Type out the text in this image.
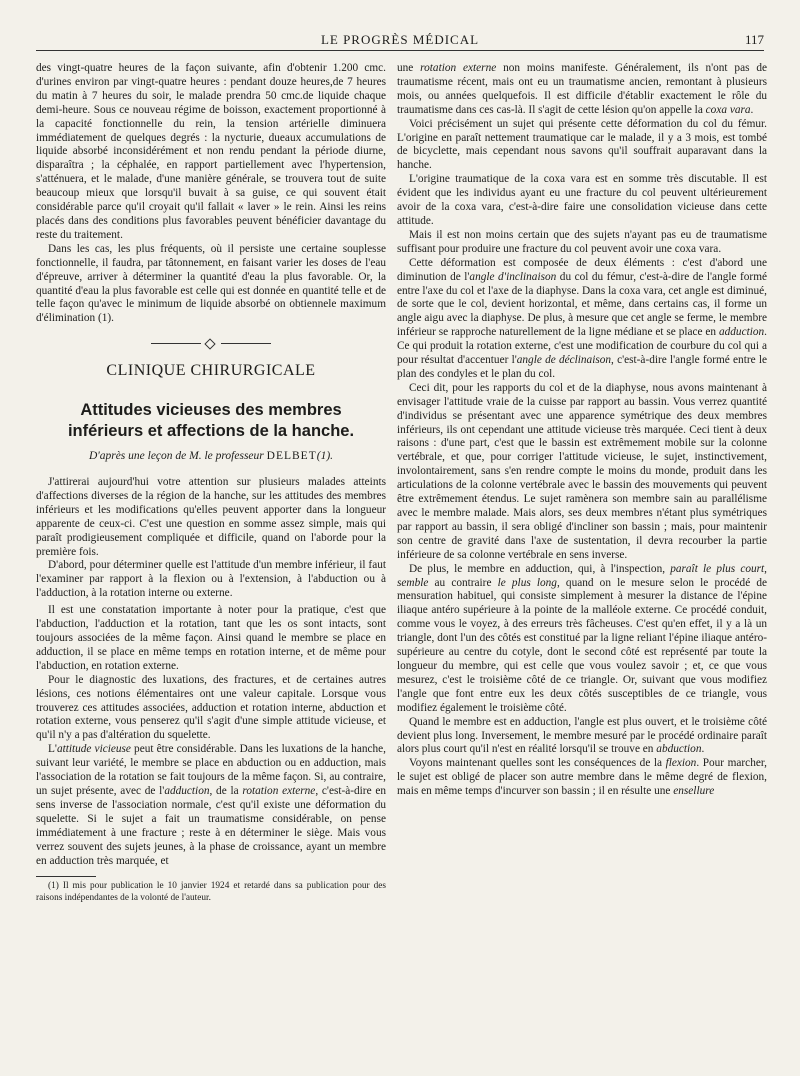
LE PROGRÈS MÉDICAL	117

des vingt-quatre heures de la façon suivante, afin d'obtenir 1.200 cmc. d'urines environ par vingt-quatre heures : pendant douze heures,de 7 heures du matin à 7 heures du soir, le malade prendra 50 cmc.de liquide chaque demi-heure. Sous ce nouveau régime de boisson, exactement proportionné à la capacité fonctionnelle du rein, la tension artérielle diminuera immédiatement de quelques degrés : la nycturie, dueaux accumulations de liquide absorbé inconsidérément et non rendu pendant la période diurne, disparaîtra ; la céphalée, en rapport partiellement avec l'hypertension, s'atténuera, et le malade, d'une manière générale, se trouvera tout de suite beaucoup mieux que lorsqu'il buvait à sa guise, ce qui souvent était considérable parce qu'il croyait qu'il fallait « laver » le rein. Ainsi les reins placés dans des conditions plus favorables peuvent bénéficier davantage du reste du traitement.

Dans les cas, les plus fréquents, où il persiste une certaine souplesse fonctionnelle, il faudra, par tâtonnement, en faisant varier les doses de l'eau d'épreuve, arriver à déterminer la quantité d'eau la plus favorable. Or, la quantité d'eau la plus favorable est celle qui est donnée en quantité telle et de telle façon qu'avec le minimum de liquide absorbé on obtiennele maximum d'élimination (1).

CLINIQUE CHIRURGICALE
Attitudes vicieuses des membres
inférieurs et affections de la hanche.
D'après une leçon de M. le professeur DELBET(1).

J'attirerai aujourd'hui votre attention sur plusieurs malades atteints d'affections diverses de la région de la hanche, sur les attitudes des membres inférieurs et les modifications qu'elles peuvent apporter dans la longueur apparente de ceux-ci. C'est une question en somme assez simple, mais qui paraît prodigieusement compliquée et difficile, quand on l'aborde pour la première fois.

D'abord, pour déterminer quelle est l'attitude d'un membre inférieur, il faut l'examiner par rapport à la flexion ou à l'extension, à l'abduction ou à l'adduction, à la rotation interne ou externe.

Il est une constatation importante à noter pour la pratique, c'est que l'abduction, l'adduction et la rotation, tant que les os sont intacts, sont toujours associées de la même façon. Ainsi quand le membre se place en adduction, il se place en même temps en rotation interne, et de même pour l'abduction, en rotation externe.

Pour le diagnostic des luxations, des fractures, et de certaines autres lésions, ces notions élémentaires ont une valeur capitale. Lorsque vous trouverez ces attitudes associées, adduction et rotation interne, abduction et rotation externe, vous penserez qu'il s'agit d'une simple attitude vicieuse, et qu'il n'y a pas d'altération du squelette.

L'attitude vicieuse peut être considérable. Dans les luxations de la hanche, suivant leur variété, le membre se place en abduction ou en adduction, mais l'association de la rotation se fait toujours de la même façon. Si, au contraire, un sujet présente, avec de l'adduction, de la rotation externe, c'est-à-dire en sens inverse de l'association normale, c'est qu'il existe une déformation du squelette. Si le sujet a fait un traumatisme considérable, on pense immédiatement à une fracture ; reste à en déterminer le siège. Mais vous verrez souvent des sujets jeunes, à la phase de croissance, ayant un membre en adduction très marquée, et

(1) Il mis pour publication le 10 janvier 1924 et retardé dans sa publication pour des raisons indépendantes de la volonté de l'auteur.

une rotation externe non moins manifeste. Généralement, ils n'ont pas de traumatisme récent, mais ont eu un traumatisme ancien, remontant à plusieurs mois, ou années quelquefois. Il est difficile d'établir exactement le rôle du traumatisme dans ces cas-là. Il s'agit de cette lésion qu'on appelle la coxa vara.

Voici précisément un sujet qui présente cette déformation du col du fémur. L'origine en paraît nettement traumatique car le malade, il y a 3 mois, est tombé de bicyclette, mais cependant nous savons qu'il souffrait auparavant dans la hanche.

L'origine traumatique de la coxa vara est en somme très discutable. Il est évident que les individus ayant eu une fracture du col peuvent ultérieurement avoir de la coxa vara, c'est-à-dire faire une consolidation vicieuse dans cette attitude.

Mais il est non moins certain que des sujets n'ayant pas eu de traumatisme suffisant pour produire une fracture du col peuvent avoir une coxa vara.

Cette déformation est composée de deux éléments : c'est d'abord une diminution de l'angle d'inclinaison du col du fémur, c'est-à-dire de l'angle formé entre l'axe du col et l'axe de la diaphyse. Dans la coxa vara, cet angle est diminué, de sorte que le col, devient horizontal, et même, dans certains cas, il forme un angle aigu avec la diaphyse. De plus, à mesure que cet angle se ferme, le membre inférieur se rapproche naturellement de la ligne médiane et se place en adduction. Ce qui produit la rotation externe, c'est une modification de courbure du col qui a pour résultat d'accentuer l'angle de déclinaison, c'est-à-dire l'angle formé entre le plan des condyles et le plan du col.

Ceci dit, pour les rapports du col et de la diaphyse, nous avons maintenant à envisager l'attitude vraie de la cuisse par rapport au bassin. Vous verrez quantité d'individus se présentant avec une apparence symétrique des deux membres inférieurs, ils ont cependant une attitude vicieuse très marquée. Ceci tient à deux raisons : d'une part, c'est que le bassin est extrêmement mobile sur la colonne vertébrale, et que, pour corriger l'attitude vicieuse, le sujet, instinctivement, involontairement, sans s'en rendre compte le moins du monde, produit dans les articulations de la colonne vertébrale avec le bassin des mouvements qui peuvent être extrêmement étendus. Le sujet ramènera son membre sain au parallélisme avec le membre malade. Mais alors, ses deux membres n'étant plus symétriques par rapport au bassin, il sera obligé d'incliner son bassin ; mais, pour maintenir son centre de gravité dans l'axe de sustentation, il devra recourber la partie inférieure de sa colonne vertébrale en sens inverse.

De plus, le membre en adduction, qui, à l'inspection, paraît le plus court, semble au contraire le plus long, quand on le mesure selon le procédé de mensuration habituel, qui consiste simplement à mesurer la distance de l'épine iliaque antéro supérieure à la pointe de la malléole externe. Ce procédé conduit, comme vous le voyez, à des erreurs très fâcheuses. C'est qu'en effet, il y a là un triangle, dont l'un des côtés est constitué par la ligne reliant l'épine iliaque antéro-supérieure au centre du cotyle, dont le second côté est représenté par toute la longueur du membre, qui est celle que vous voulez savoir ; et, ce que vous mesurez, c'est le troisième côté de ce triangle. Or, suivant que vous modifiez l'angle que font entre eux les deux côtés susceptibles de ce triangle, vous modifiez également le troisième côté.

Quand le membre est en adduction, l'angle est plus ouvert, et le troisième côté devient plus long. Inversement, le membre mesuré par le procédé ordinaire paraît alors plus court qu'il n'est en réalité lorsqu'il se trouve en abduction.

Voyons maintenant quelles sont les conséquences de la flexion. Pour marcher, le sujet est obligé de placer son autre membre dans le même degré de flexion, mais en même temps d'incurver son bassin ; il en résulte une ensellure
